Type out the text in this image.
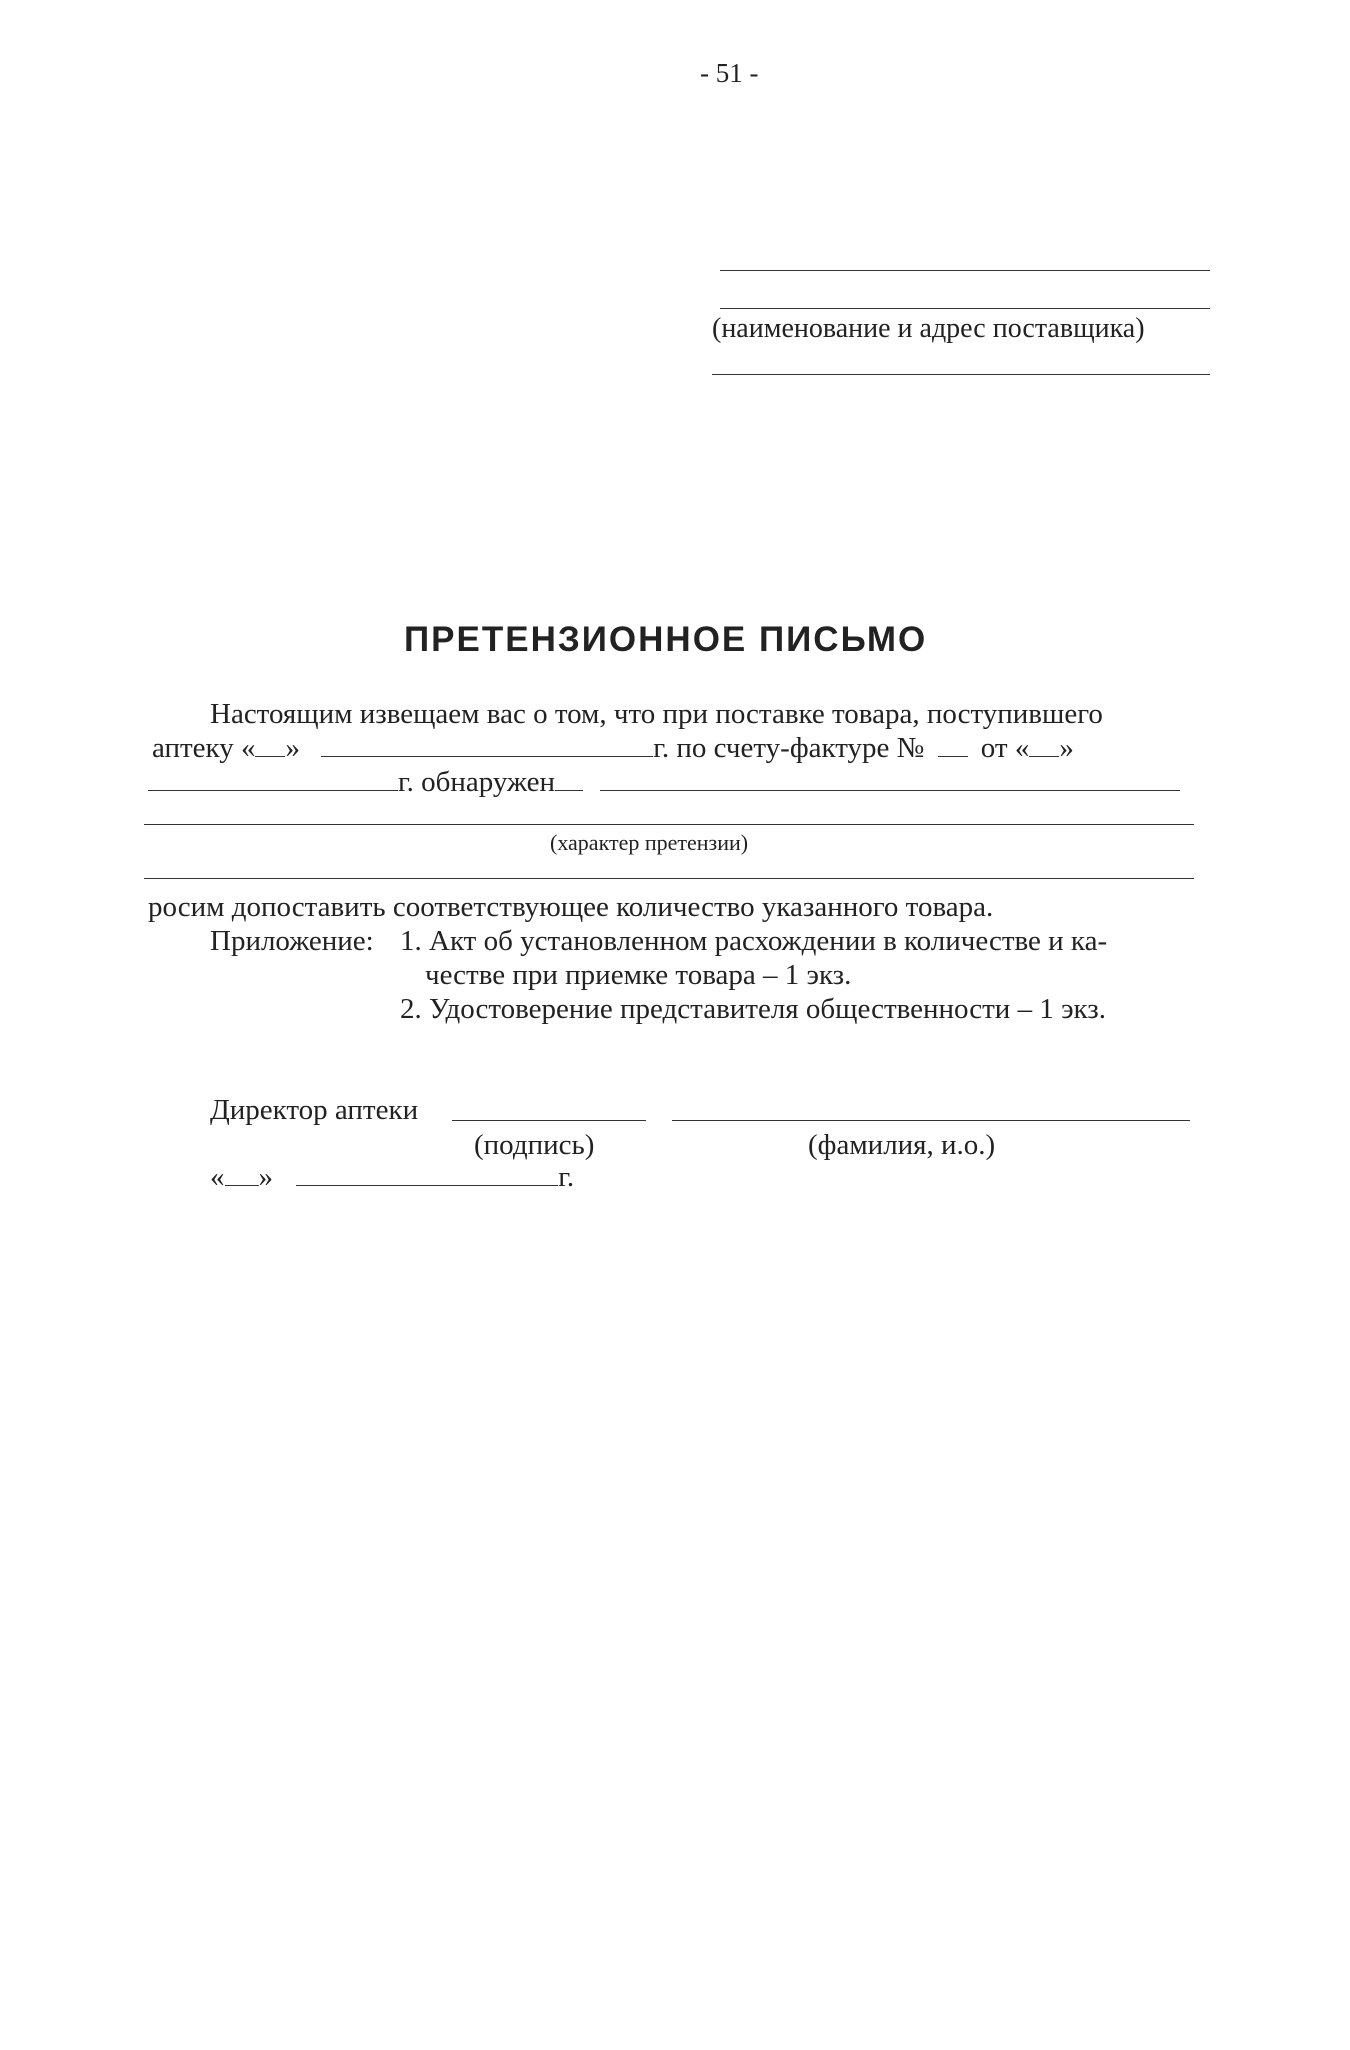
- 51 -
(наименование и адрес поставщика)
ПРЕТЕНЗИОННОЕ ПИСЬМО
Настоящим извещаем вас о том, что при поставке товара, поступившего
аптеку « »	г. по счету-фактуре № от « »
г. обнаружен
(характер претензии)
росим допоставить соответствующее количество указанного товара.
Приложение: 1. Акт об установленном расхождении в количестве и ка-
честве при приемке товара – 1 экз.
2. Удостоверение представителя общественности – 1 экз.
Директор аптеки
(подпись)	(фамилия, и.о.)
« »	г.
